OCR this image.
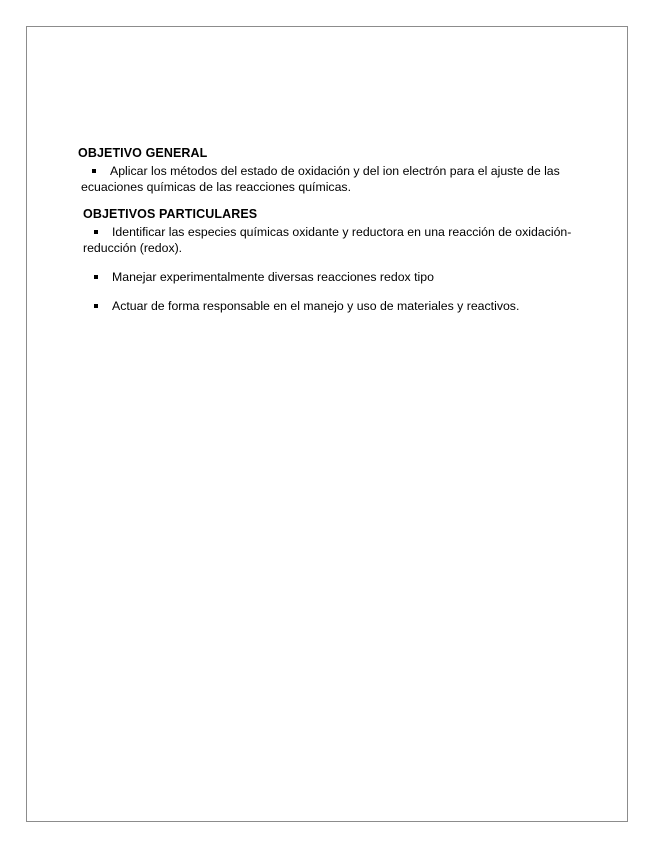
OBJETIVO GENERAL
Aplicar los métodos del estado de oxidación y del ion electrón para el ajuste de las ecuaciones químicas de las reacciones químicas.
OBJETIVOS PARTICULARES
Identificar las especies químicas oxidante y reductora en una reacción de oxidación-reducción (redox).
Manejar experimentalmente diversas reacciones redox tipo
Actuar de forma responsable en el manejo y uso de materiales y reactivos.
